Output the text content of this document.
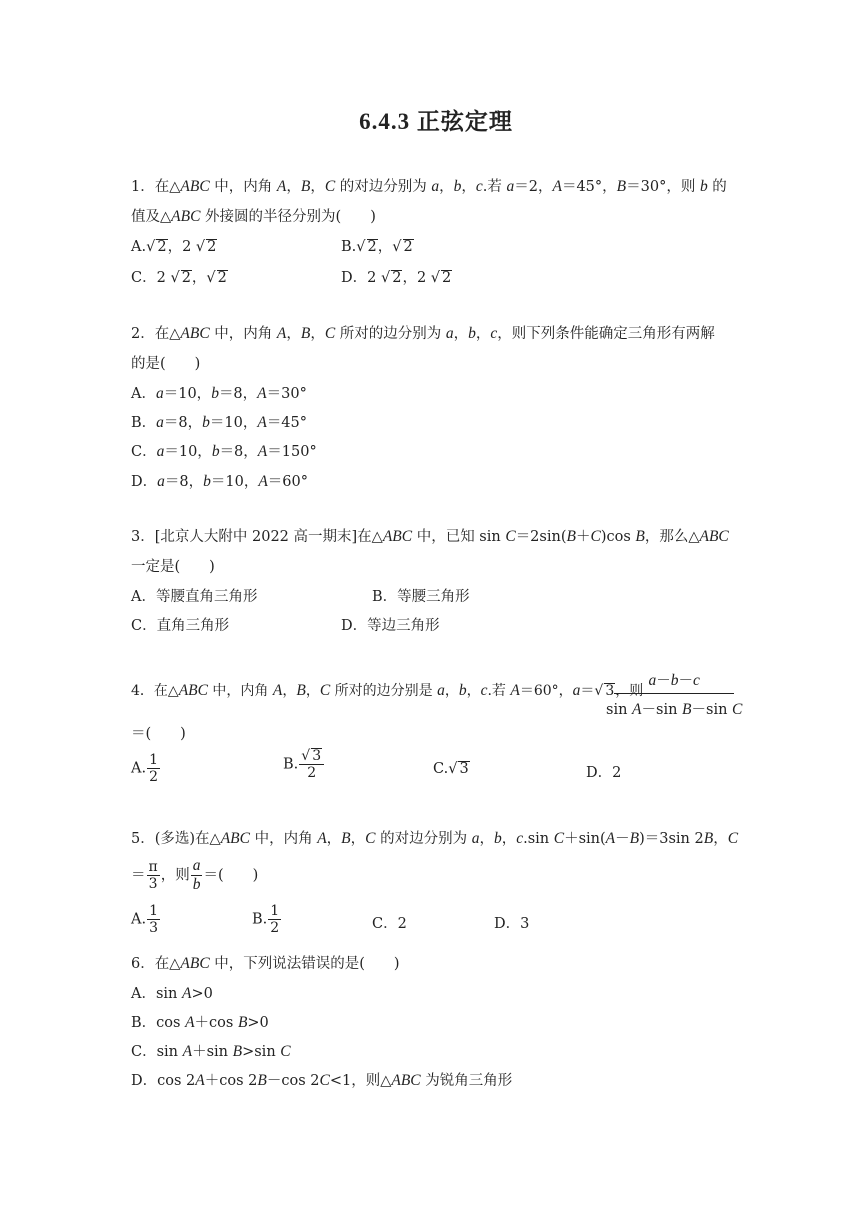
6.4.3 正弦定理
1．在△ABC 中，内角 A，B，C 的对边分别为 a，b，c.若 a＝2，A＝45°，B＝30°，则 b 的
值及△ABC 外接圆的半径分别为(　　)
A.√ 2，2 √ 2	B.√ 2，√ 2
C．2 √ 2，√ 2	D．2 √ 2，2 √ 2
2．在△ABC 中，内角 A，B，C 所对的边分别为 a，b，c，则下列条件能确定三角形有两解
的是(　　)
A．a＝10，b＝8，A＝30°
B．a＝8，b＝10，A＝45°
C．a＝10，b＝8，A＝150°
D．a＝8，b＝10，A＝60°
3．[北京人大附中 2022 高一期末]在△ABC 中，已知 sin C＝2sin(B＋C)cos B，那么△ABC
一定是(　　)
A．等腰直角三角形	B．等腰三角形
C．直角三角形	D．等边三角形
4．在△ABC 中，内角 A，B，C 所对的边分别是 a，b，c.若 A＝60°，a＝√ 3，则
$\frac{a-b-c}{\text{sin A－sin B－sin C}}$
＝(　　)
A. $\frac{1}{2}$	B. $\frac{√ 3}{2}$	C.√ 3	D．2
5．(多选)在△ABC 中，内角 A，B，C 的对边分别为 a，b，c.sin C＋sin(A－B)＝3sin 2B，C
＝ $\frac{\pi}{3}$ ，则 $\frac{a}{b}$ ＝(　　)
A. $\frac{1}{3}$	B. $\frac{1}{2}$	C．2	D．3
6．在△ABC 中，下列说法错误的是(　　)
A．sin A>0
B．cos A＋cos B>0
C．sin A＋sin B>sin C
D．cos 2A＋cos 2B－cos 2C<1，则△ABC 为锐角三角形
